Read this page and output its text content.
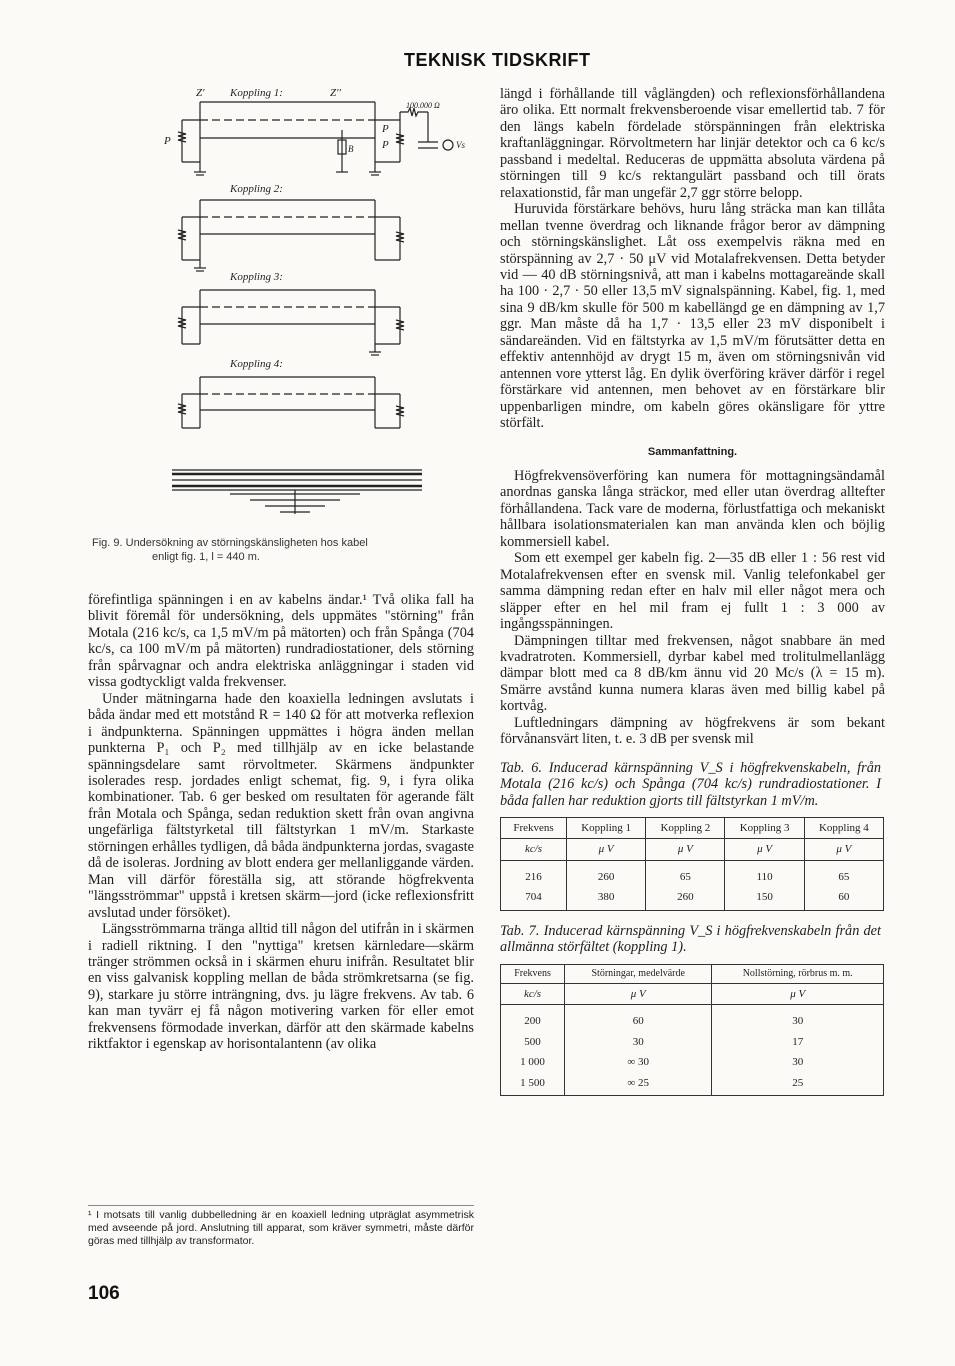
TEKNISK TIDSKRIFT
Z' Koppling 1:	Z''
P
100.000 Ω
P
P	Vs
B
Koppling 2:
Koppling 3:
Koppling 4:
Fig. 9. Undersökning av störningskänsligheten hos kabel
enligt fig. 1, l = 440 m.

förefintliga spänningen i en av kabelns ändar.¹ Två olika fall ha blivit föremål för undersökning, dels uppmätes "störning" från Motala (216 kc/s, ca 1,5 mV/m på mätorten) och från Spånga (704 kc/s, ca 100 mV/m på mätorten) rundradiostationer, dels störning från spårvagnar och andra elektriska anläggningar i staden vid vissa godtyckligt valda frekvenser.

Under mätningarna hade den koaxiella ledningen avslutats i båda ändar med ett motstånd R = 140 Ω för att motverka reflexion i ändpunkterna. Spänningen uppmättes i högra änden mellan punkterna P₁ och P₂ med tillhjälp av en icke belastande spänningsdelare samt rörvoltmeter. Skärmens ändpunkter isolerades resp. jordades enligt schemat, fig. 9, i fyra olika kombinationer. Tab. 6 ger besked om resultaten för agerande fält från Motala och Spånga, sedan reduktion skett från ovan angivna ungefärliga fältstyrketal till fältstyrkan 1 mV/m. Starkaste störningen erhålles tydligen, då båda ändpunkterna jordas, svagaste då de isoleras. Jordning av blott endera ger mellanliggande värden. Man vill därför föreställa sig, att störande högfrekventa "längsströmmar" uppstå i kretsen skärm—jord (icke reflexionsfritt avslutad under försöket).

Längsströmmarna tränga alltid till någon del utifrån in i skärmen i radiell riktning. I den "nyttiga" kretsen kärnledare—skärm tränger strömmen också in i skärmen ehuru inifrån. Resultatet blir en viss galvanisk koppling mellan de båda strömkretsarna (se fig. 9), starkare ju större inträngning, dvs. ju lägre frekvens. Av tab. 6 kan man tyvärr ej få någon motivering varken för eller emot frekvensens förmodade inverkan, därför att den skärmade kabelns riktfaktor i egenskap av horisontalantenn (av olika

¹ I motsats till vanlig dubbelledning är en koaxiell ledning utpräglat asymmetrisk med avseende på jord. Anslutning till apparat, som kräver symmetri, måste därför göras med tillhjälp av transformator.
106

längd i förhållande till våglängden) och reflexionsförhållandena äro olika. Ett normalt frekvensberoende visar emellertid tab. 7 för den längs kabeln fördelade störspänningen från elektriska kraftanläggningar. Rörvoltmetern har linjär detektor och ca 6 kc/s passband i medeltal. Reduceras de uppmätta absoluta värdena på störningen till 9 kc/s rektangulärt passband och till örats relaxationstid, får man ungefär 2,7 ggr större belopp.

Huruvida förstärkare behövs, huru lång sträcka man kan tillåta mellan tvenne överdrag och liknande frågor beror av dämpning och störningskänslighet. Låt oss exempelvis räkna med en störspänning av 2,7 · 50 μV vid Motalafrekvensen. Detta betyder vid — 40 dB störningsnivå, att man i kabelns mottagareände skall ha 100 · 2,7 · 50 eller 13,5 mV signalspänning. Kabel, fig. 1, med sina 9 dB/km skulle för 500 m kabellängd ge en dämpning av 1,7 ggr. Man måste då ha 1,7 · 13,5 eller 23 mV disponibelt i sändareänden. Vid en fältstyrka av 1,5 mV/m förutsätter detta en effektiv antennhöjd av drygt 15 m, även om störningsnivån vid antennen vore ytterst låg. En dylik överföring kräver därför i regel förstärkare vid antennen, men behovet av en förstärkare blir uppenbarligen mindre, om kabeln göres okänsligare för yttre störfält.

Sammanfattning.

Högfrekvensöverföring kan numera för mottagningsändamål anordnas ganska långa sträckor, med eller utan överdrag alltefter förhållandena. Tack vare de moderna, förlustfattiga och mekaniskt hållbara isolationsmaterialen kan man använda klen och böjlig kommersiell kabel.

Som ett exempel ger kabeln fig. 2—35 dB eller 1 : 56 rest vid Motalafrekvensen efter en svensk mil. Vanlig telefonkabel ger samma dämpning redan efter en halv mil eller något mera och släpper efter en hel mil fram ej fullt 1 : 3 000 av ingångsspänningen.

Dämpningen tilltar med frekvensen, något snabbare än med kvadratroten. Kommersiell, dyrbar kabel med trolitulmellanlägg dämpar blott med ca 8 dB/km ännu vid 20 Mc/s (λ = 15 m). Smärre avstånd kunna numera klaras även med billig kabel på kortvåg.

Luftledningars dämpning av högfrekvens är som bekant förvånansvärt liten, t. e. 3 dB per svensk mil

Tab. 6. Inducerad kärnspänning V_S i högfrekvenskabeln, från Motala (216 kc/s) och Spånga (704 kc/s) rundradiostationer. I båda fallen har reduktion gjorts till fältstyrkan 1 mV/m.

Frekvens	Koppling 1	Koppling 2	Koppling 3	Koppling 4
kc/s	μ V	μ V	μ V	μ V
216	260	65	110	65
704	380	260	150	60

Tab. 7. Inducerad kärnspänning V_S i högfrekvenskabeln från det allmänna störfältet (koppling 1).

Frekvens	Störningar, medelvärde	Nollstörning, rörbrus m. m.
kc/s	μ V	μ V
200	60	30
500	30	17
1 000	∞ 30	30
1 500	∞ 25	25
